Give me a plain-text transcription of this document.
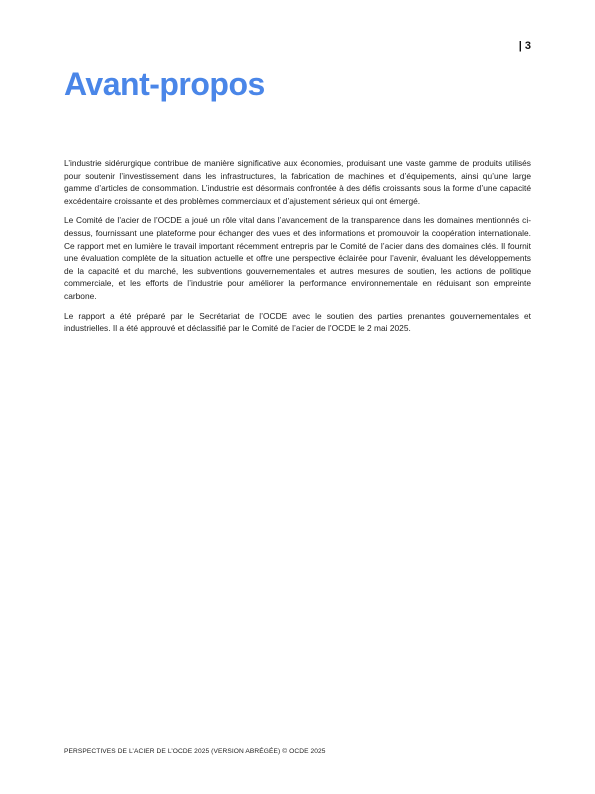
| 3
Avant-propos

L’industrie sidérurgique contribue de manière significative aux économies, produisant une vaste gamme de produits utilisés pour soutenir l’investissement dans les infrastructures, la fabrication de machines et d’équipements, ainsi qu’une large gamme d’articles de consommation. L’industrie est désormais confrontée à des défis croissants sous la forme d’une capacité excédentaire croissante et des problèmes commerciaux et d’ajustement sérieux qui ont émergé.

Le Comité de l’acier de l’OCDE a joué un rôle vital dans l’avancement de la transparence dans les domaines mentionnés ci-dessus, fournissant une plateforme pour échanger des vues et des informations et promouvoir la coopération internationale. Ce rapport met en lumière le travail important récemment entrepris par le Comité de l’acier dans des domaines clés. Il fournit une évaluation complète de la situation actuelle et offre une perspective éclairée pour l’avenir, évaluant les développements de la capacité et du marché, les subventions gouvernementales et autres mesures de soutien, les actions de politique commerciale, et les efforts de l’industrie pour améliorer la performance environnementale en réduisant son empreinte carbone.

Le rapport a été préparé par le Secrétariat de l’OCDE avec le soutien des parties prenantes gouvernementales et industrielles. Il a été approuvé et déclassifié par le Comité de l’acier de l’OCDE le 2 mai 2025.

PERSPECTIVES DE L’ACIER DE L’OCDE 2025 (VERSION ABRÉGÉE) © OCDE 2025
